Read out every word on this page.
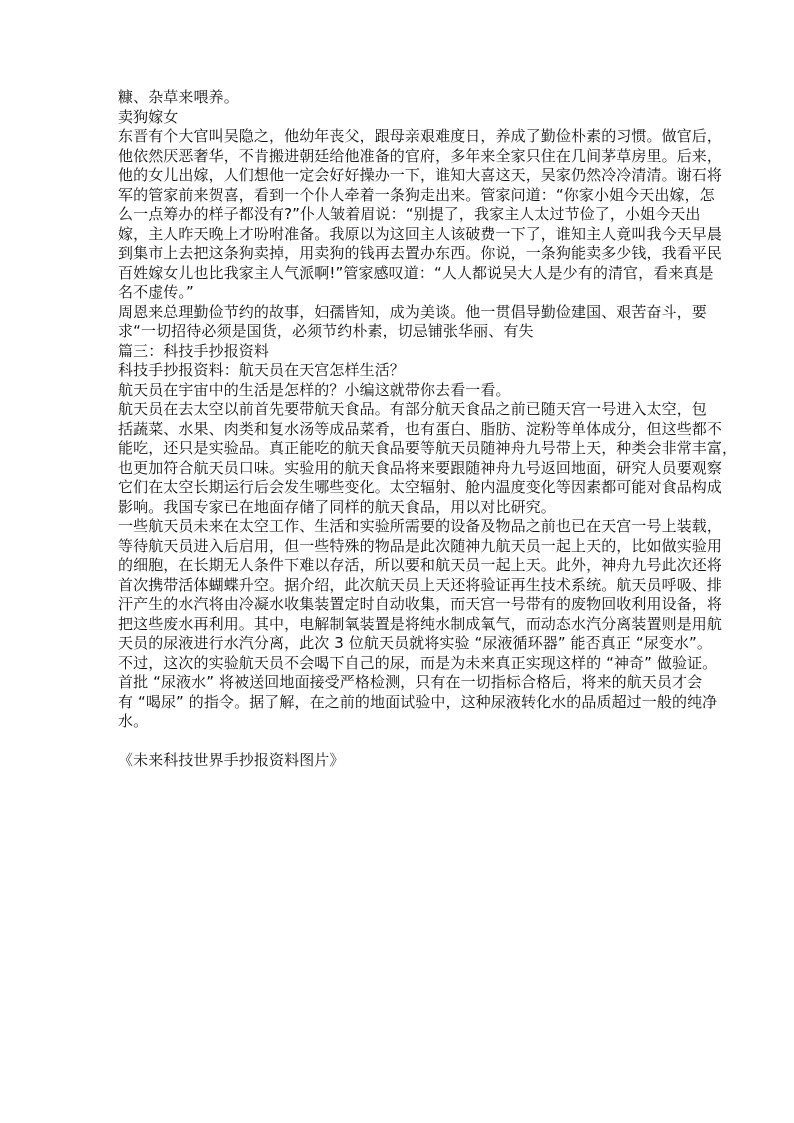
糠、杂草来喂养。

卖狗嫁女

东晋有个大官叫吴隐之，他幼年丧父，跟母亲艰难度日，养成了勤俭朴素的习惯。做官后，

他依然厌恶奢华，不肯搬进朝廷给他准备的官府，多年来全家只住在几间茅草房里。后来，

他的女儿出嫁，人们想他一定会好好操办一下，谁知大喜这天，吴家仍然冷冷清清。谢石将

军的管家前来贺喜，看到一个仆人牵着一条狗走出来。管家问道：“你家小姐今天出嫁，怎

么一点筹办的样子都没有?”仆人皱着眉说：“别提了，我家主人太过节俭了，小姐今天出

嫁，主人昨天晚上才吩咐准备。我原以为这回主人该破费一下了，谁知主人竟叫我今天早晨

到集市上去把这条狗卖掉，用卖狗的钱再去置办东西。你说，一条狗能卖多少钱，我看平民

百姓嫁女儿也比我家主人气派啊!”管家感叹道：“人人都说吴大人是少有的清官，看来真是

名不虚传。”

周恩来总理勤俭节约的故事，妇孺皆知，成为美谈。他一贯倡导勤俭建国、艰苦奋斗，要

求“一切招待必须是国货，必须节约朴素，切忌铺张华丽、有失

篇三：科技手抄报资料

科技手抄报资料：航天员在天宫怎样生活？

航天员在宇宙中的生活是怎样的？小编这就带你去看一看。

航天员在去太空以前首先要带航天食品。有部分航天食品之前已随天宫一号进入太空，包

括蔬菜、水果、肉类和复水汤等成品菜肴，也有蛋白、脂肪、淀粉等单体成分，但这些都不

能吃，还只是实验品。真正能吃的航天食品要等航天员随神舟九号带上天，种类会非常丰富，

也更加符合航天员口味。实验用的航天食品将来要跟随神舟九号返回地面，研究人员要观察

它们在太空长期运行后会发生哪些变化。太空辐射、舱内温度变化等因素都可能对食品构成

影响。我国专家已在地面存储了同样的航天食品，用以对比研究。

一些航天员未来在太空工作、生活和实验所需要的设备及物品之前也已在天宫一号上装载，

等待航天员进入后启用，但一些特殊的物品是此次随神九航天员一起上天的，比如做实验用

的细胞，在长期无人条件下难以存活，所以要和航天员一起上天。此外，神舟九号此次还将

首次携带活体蝴蝶升空。据介绍，此次航天员上天还将验证再生技术系统。航天员呼吸、排

汗产生的水汽将由冷凝水收集装置定时自动收集，而天宫一号带有的废物回收利用设备，将

把这些废水再利用。其中，电解制氧装置是将纯水制成氧气，而动态水汽分离装置则是用航

天员的尿液进行水汽分离，此次 3 位航天员就将实验 “尿液循环器” 能否真正 “尿变水”。

不过，这次的实验航天员不会喝下自己的尿，而是为未来真正实现这样的 “神奇” 做验证。

首批 “尿液水” 将被送回地面接受严格检测，只有在一切指标合格后，将来的航天员才会

有 “喝尿” 的指令。据了解，在之前的地面试验中，这种尿液转化水的品质超过一般的纯净

水。

《未来科技世界手抄报资料图片》
